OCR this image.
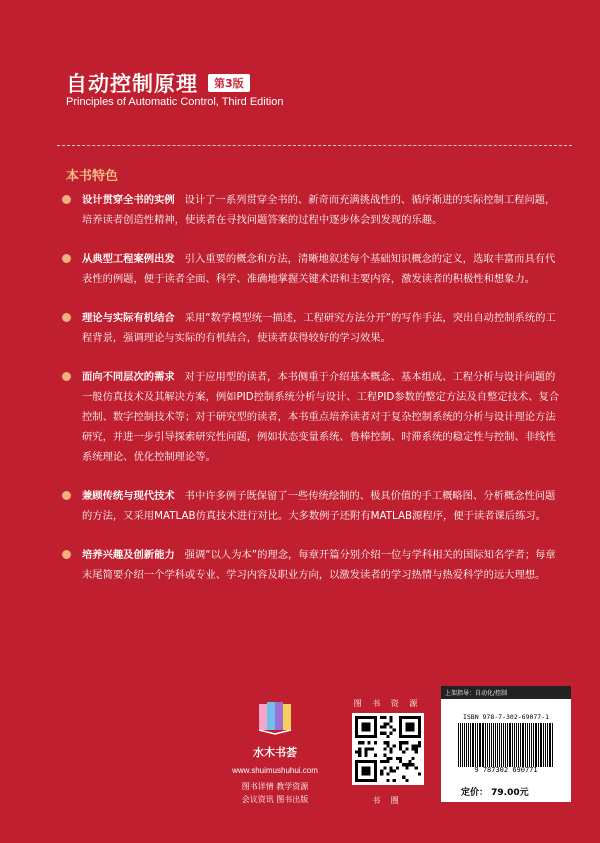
自动控制原理	第3版
Principles of Automatic Control, Third Edition
本书特色
设计贯穿全书的实例 设计了一系列贯穿全书的、新奇而充满挑战性的、循序渐进的实际控制工程问题，培养读者创造性精神，使读者在寻找问题答案的过程中逐步体会到发现的乐趣。
从典型工程案例出发 引入重要的概念和方法，清晰地叙述每个基础知识概念的定义，选取丰富而具有代表性的例题，便于读者全面、科学、准确地掌握关键术语和主要内容，激发读者的积极性和想象力。
理论与实际有机结合 采用“数学模型统一描述，工程研究方法分开”的写作手法，突出自动控制系统的工程背景，强调理论与实际的有机结合，使读者获得较好的学习效果。
面向不同层次的需求 对于应用型的读者，本书侧重于介绍基本概念、基本组成、工程分析与设计问题的一般仿真技术及其解决方案，例如PID控制系统分析与设计、工程PID参数的整定方法及自整定技术、复合控制、数字控制技术等；对于研究型的读者，本书重点培养读者对于复杂控制系统的分析与设计理论方法研究，并进一步引导探索研究性问题，例如状态变量系统、鲁棒控制、时滞系统的稳定性与控制、非线性系统理论、优化控制理论等。
兼顾传统与现代技术 书中许多例子既保留了一些传统绘制的、极具价值的手工概略图、分析概念性问题的方法，又采用MATLAB仿真技术进行对比。大多数例子还附有MATLAB源程序，便于读者课后练习。
培养兴趣及创新能力 强调“以人为本”的理念，每章开篇分别介绍一位与学科相关的国际知名学者；每章末尾简要介绍一个学科或专业、学习内容及职业方向，以激发读者的学习热情与热爱科学的远大理想。
水木书荟
www.shuimushuhui.com
图书详情 教学资源
会议资讯 图书出版
图 书 资 源
书 圈
上架指导：自动化/控制
ISBN 978-7-302-69077-1
9 787302 690771
定价： 79.00元
